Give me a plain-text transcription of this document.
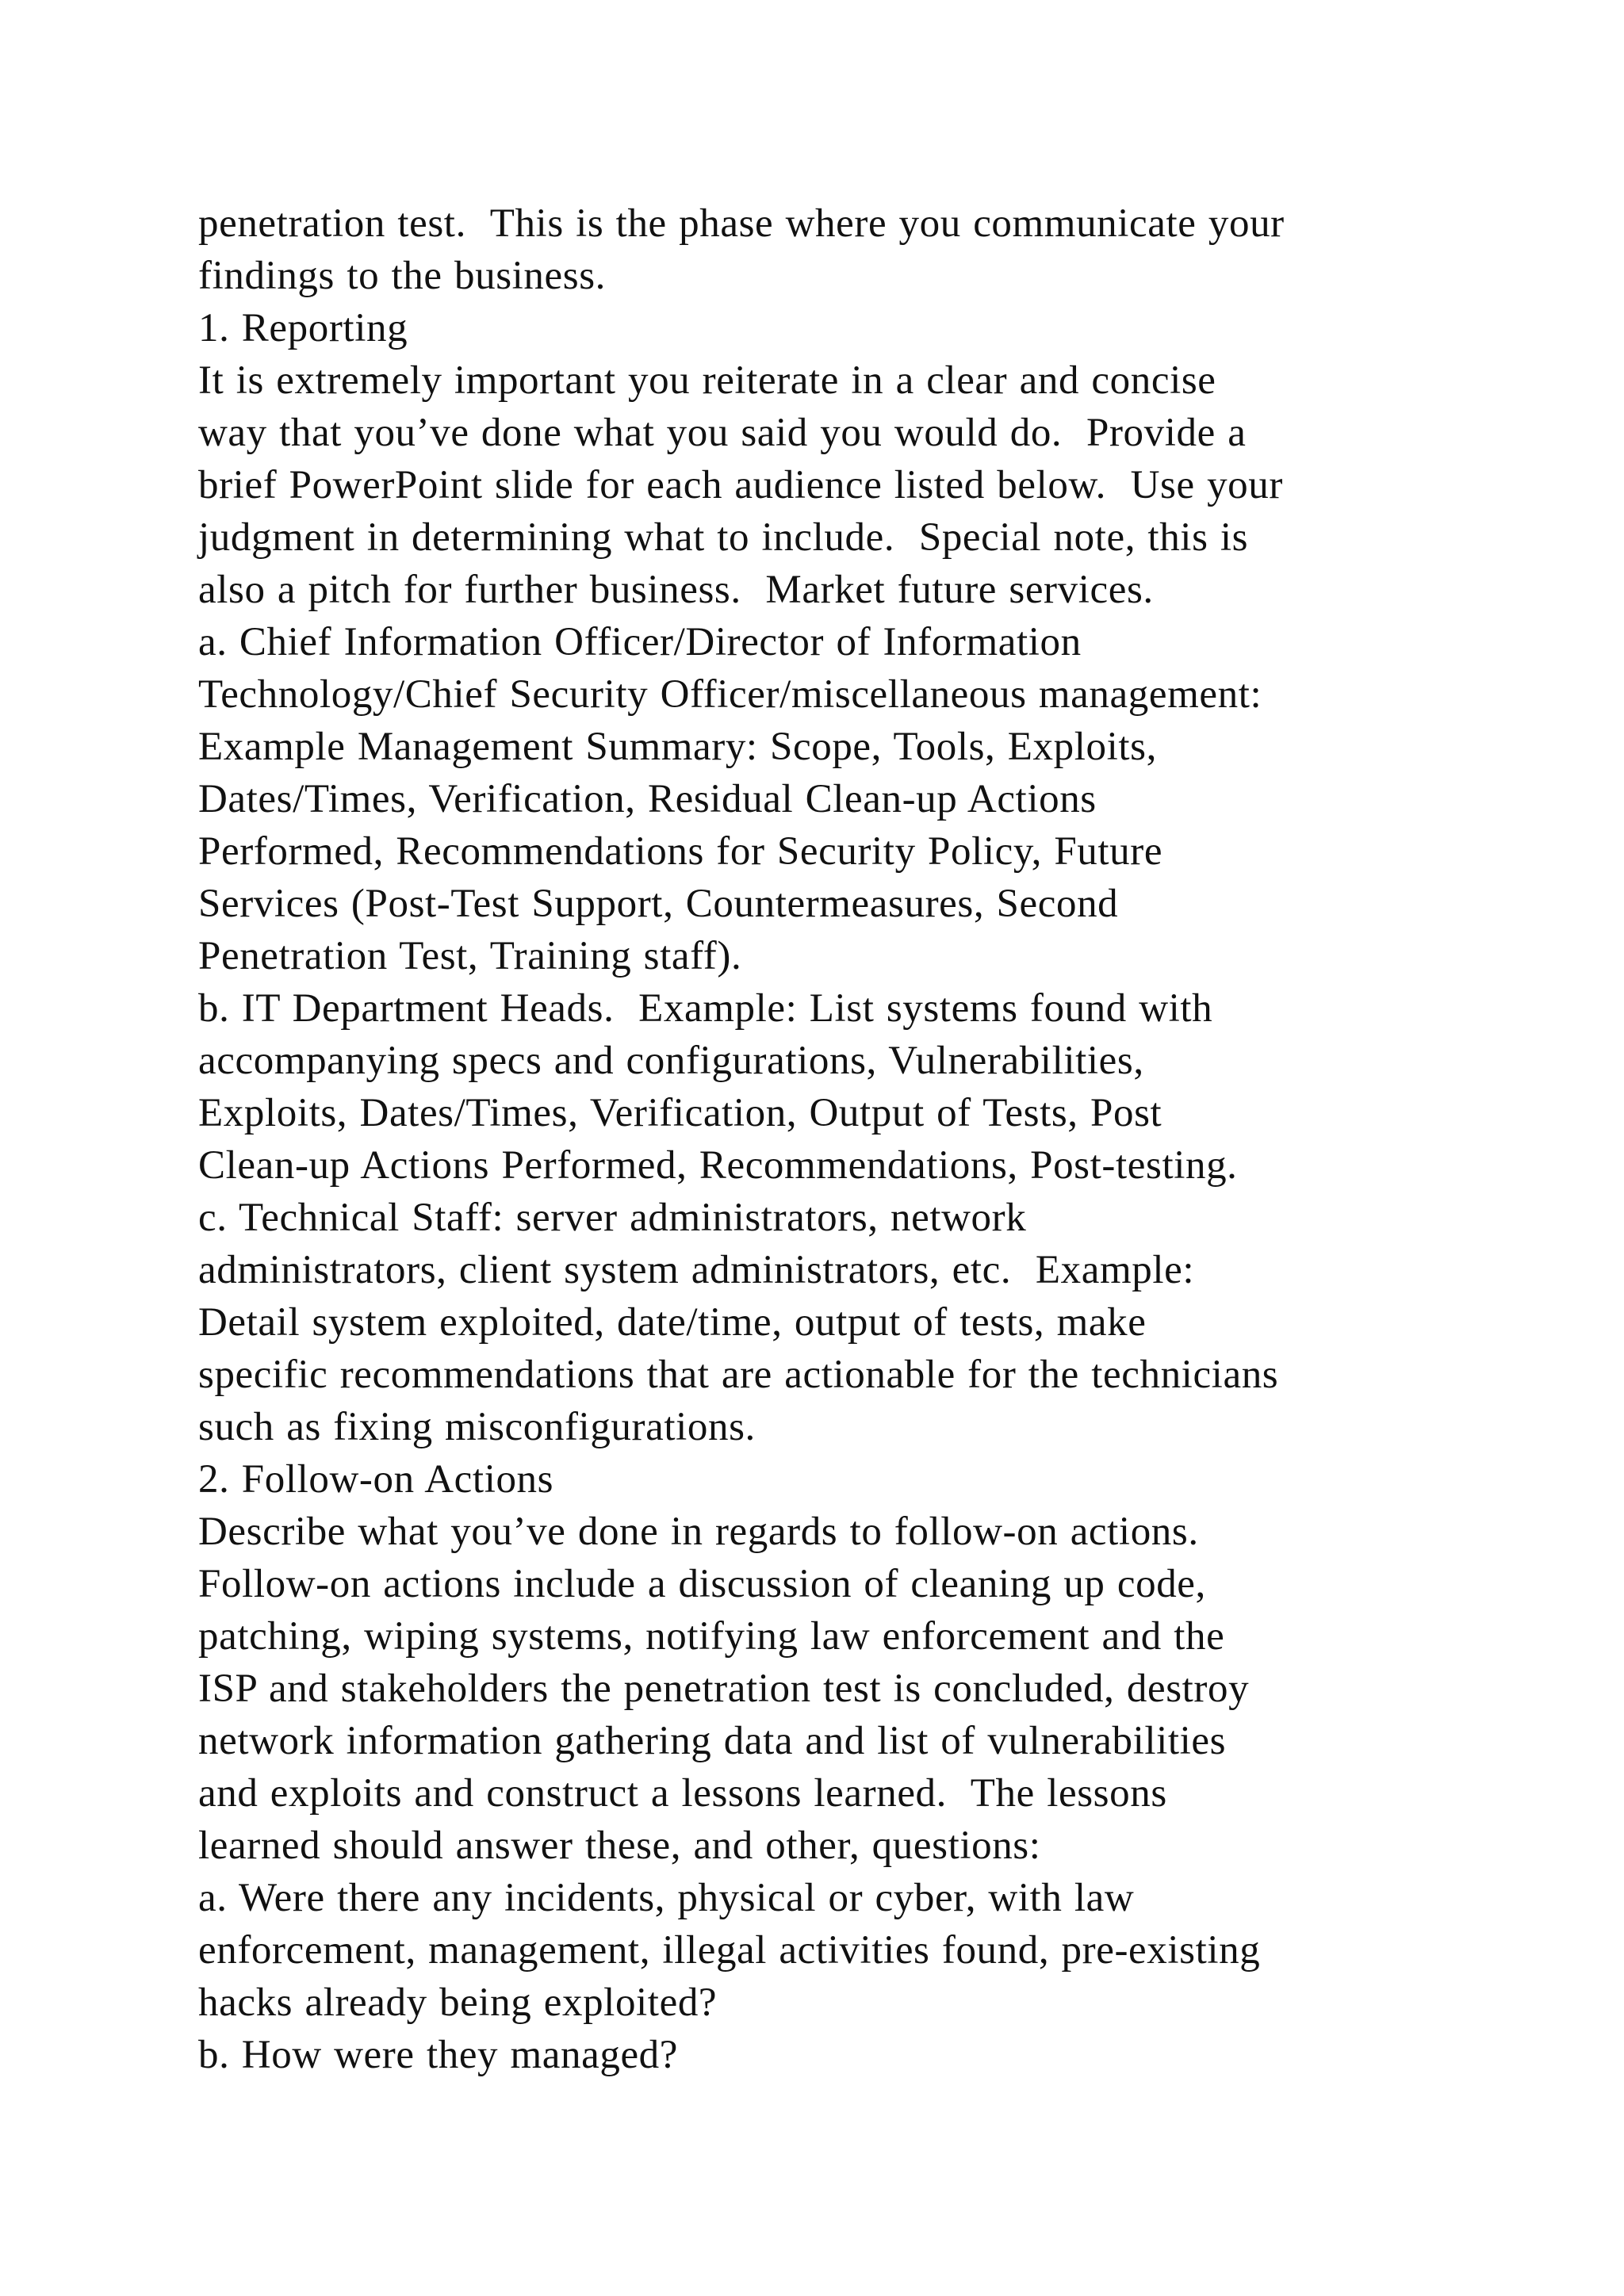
penetration test.  This is the phase where you communicate your
findings to the business.
1. Reporting
It is extremely important you reiterate in a clear and concise
way that you’ve done what you said you would do.  Provide a
brief PowerPoint slide for each audience listed below.  Use your
judgment in determining what to include.  Special note, this is
also a pitch for further business.  Market future services.
a. Chief Information Officer/Director of Information
Technology/Chief Security Officer/miscellaneous management:
Example Management Summary: Scope, Tools, Exploits,
Dates/Times, Verification, Residual Clean-up Actions
Performed, Recommendations for Security Policy, Future
Services (Post-Test Support, Countermeasures, Second
Penetration Test, Training staff).
b. IT Department Heads.  Example: List systems found with
accompanying specs and configurations, Vulnerabilities,
Exploits, Dates/Times, Verification, Output of Tests, Post
Clean-up Actions Performed, Recommendations, Post-testing.
c. Technical Staff: server administrators, network
administrators, client system administrators, etc.  Example:
Detail system exploited, date/time, output of tests, make
specific recommendations that are actionable for the technicians
such as fixing misconfigurations.
2. Follow-on Actions
Describe what you’ve done in regards to follow-on actions.
Follow-on actions include a discussion of cleaning up code,
patching, wiping systems, notifying law enforcement and the
ISP and stakeholders the penetration test is concluded, destroy
network information gathering data and list of vulnerabilities
and exploits and construct a lessons learned.  The lessons
learned should answer these, and other, questions:
a. Were there any incidents, physical or cyber, with law
enforcement, management, illegal activities found, pre-existing
hacks already being exploited?
b. How were they managed?
